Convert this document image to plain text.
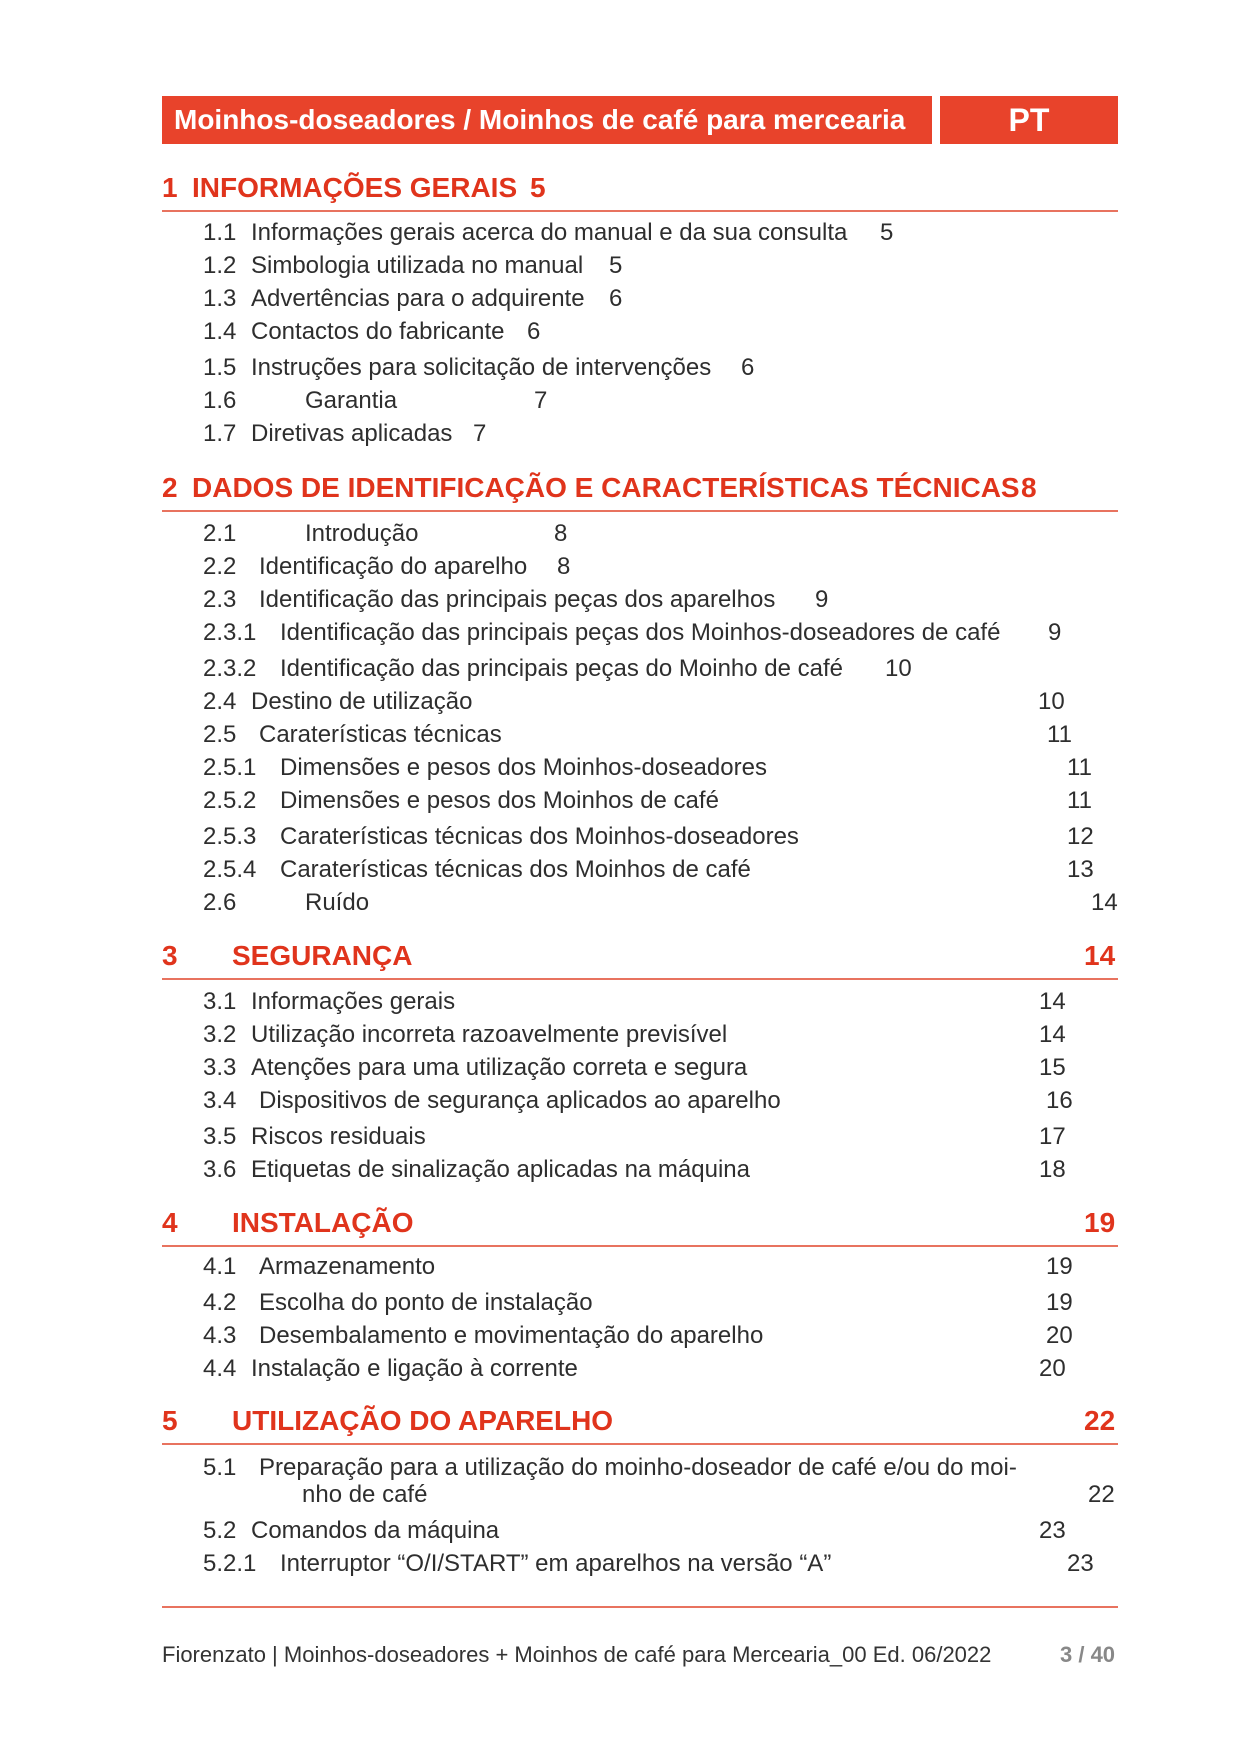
Moinhos-doseadores / Moinhos de café para mercearia	PT
1 INFORMAÇÕES GERAIS 5
1.1 Informações gerais acerca do manual e da sua consulta 5
1.2 Simbologia utilizada no manual 5
1.3 Advertências para o adquirente 6
1.4 Contactos do fabricante 6
1.5 Instruções para solicitação de intervenções 6
1.6	Garantia	7
1.7 Diretivas aplicadas 7
2 DADOS DE IDENTIFICAÇÃO E CARACTERÍSTICAS TÉCNICAS 8
2.1	Introdução	8
2.2 Identificação do aparelho 8
2.3 Identificação das principais peças dos aparelhos 9
2.3.1 Identificação das principais peças dos Moinhos-doseadores de café 9
2.3.2 Identificação das principais peças do Moinho de café 10
2.4 Destino de utilização	10
2.5 Caraterísticas técnicas	11
2.5.1 Dimensões e pesos dos Moinhos-doseadores	11
2.5.2 Dimensões e pesos dos Moinhos de café	11
2.5.3 Caraterísticas técnicas dos Moinhos-doseadores	12
2.5.4 Caraterísticas técnicas dos Moinhos de café	13
2.6	Ruído	14
3 SEGURANÇA	14
3.1 Informações gerais	14
3.2 Utilização incorreta razoavelmente previsível	14
3.3 Atenções para uma utilização correta e segura	15
3.4 Dispositivos de segurança aplicados ao aparelho	16
3.5 Riscos residuais	17
3.6 Etiquetas de sinalização aplicadas na máquina	18
4 INSTALAÇÃO	19
4.1 Armazenamento	19
4.2 Escolha do ponto de instalação	19
4.3 Desembalamento e movimentação do aparelho	20
4.4 Instalação e ligação à corrente	20
5 UTILIZAÇÃO DO APARELHO	22
5.1 Preparação para a utilização do moinho-doseador de café e/ou do moi-
nho de café	22
5.2 Comandos da máquina	23
5.2.1 Interruptor “O/I/START” em aparelhos na versão “A”	23
Fiorenzato | Moinhos-doseadores + Moinhos de café para Mercearia_00 Ed. 06/2022	3 / 40
